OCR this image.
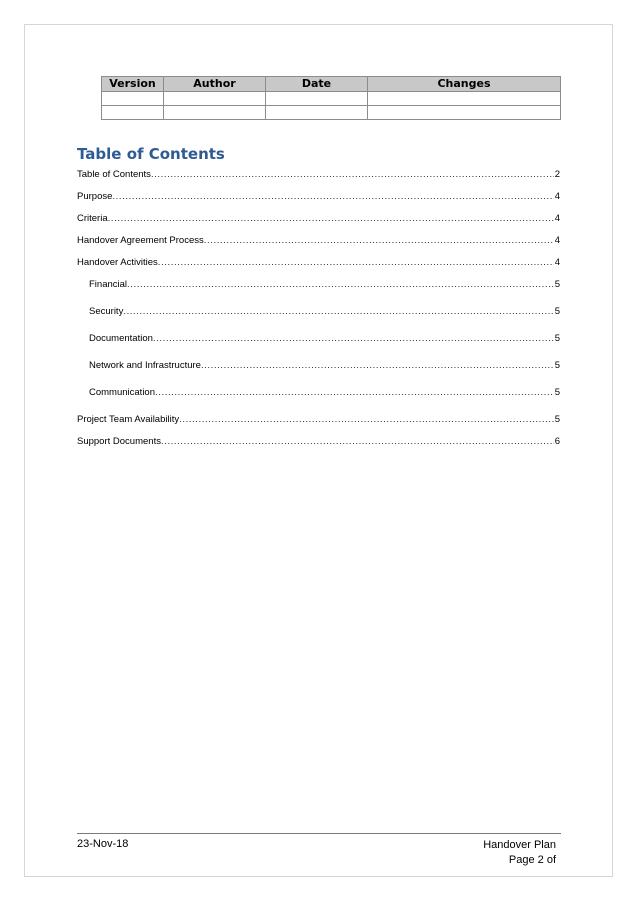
Version	Author	Date	Changes

Table of Contents
Table of Contents .....	2
Purpose .....	4
Criteria .....	4
Handover Agreement Process .....	4
Handover Activities .....	4
Financial .....	5
Security .....	5
Documentation .....	5
Network and Infrastructure .....	5
Communication .....	5
Project Team Availability .....	5
Support Documents .....	6
23-Nov-18	Handover Plan
Page 2 of
